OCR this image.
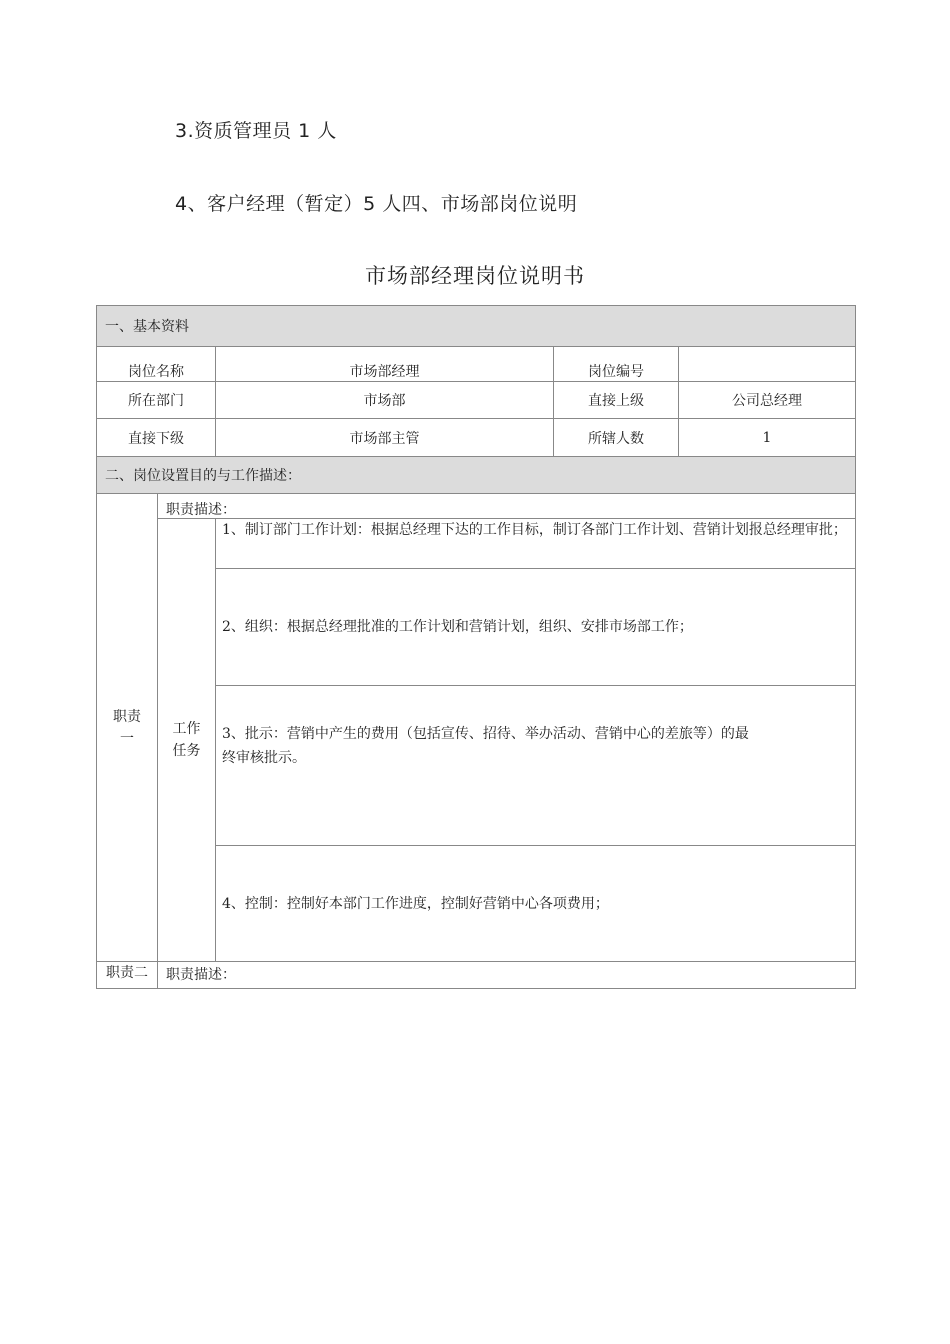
3.资质管理员 1 人
4、客户经理（暂定）5 人四、市场部岗位说明
市场部经理岗位说明书
一、基本资料				
岗位名称		市场部经理	岗位编号	
所在部门		市场部	直接上级	公司总经理
直接下级		市场部主管	所辖人数	1
二、岗位设置目的与工作描述：				

职责一	职责描述：			

	工作任务	1、制订部门工作计划：根据总经理下达的工作目标，制订各部门工作计划、营销计划报总经理审批；		
		2、组织：根据总经理批准的工作计划和营销计划，组织、安排市场部工作；		

		3、批示：营销中产生的费用（包括宣传、招待、举办活动、营销中心的差旅等）的最
终审核批示。		

		4、控制：控制好本部门工作进度，控制好营销中心各项费用；		
职责二	职责描述：			
